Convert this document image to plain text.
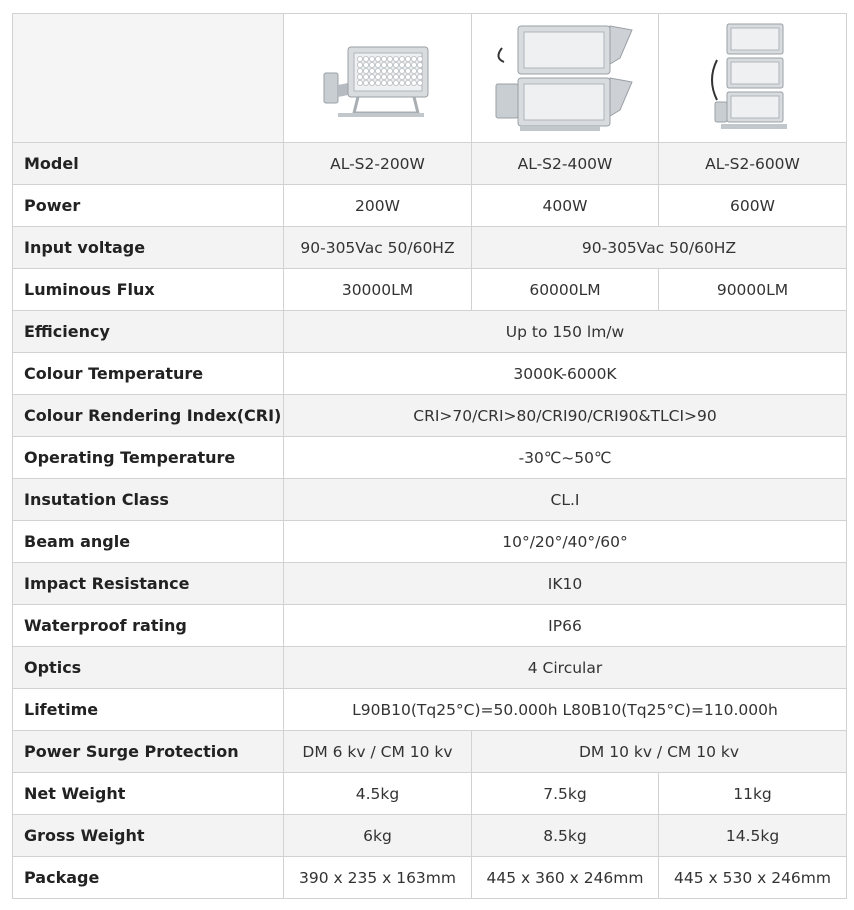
Model	AL-S2-200W	AL-S2-400W	AL-S2-600W
Power	200W	400W	600W
Input voltage	90-305Vac 50/60HZ	90-305Vac 50/60HZ	
Luminous Flux	30000LM	60000LM	90000LM
Efficiency	Up to 150 lm/w		
Colour Temperature	3000K-6000K		
Colour Rendering Index(CRI)	CRI>70/CRI>80/CRI90/CRI90&TLCI>90		
Operating Temperature	-30℃~50℃		
Insutation Class	CL.I		
Beam angle	10°/20°/40°/60°		
Impact Resistance	IK10		
Waterproof rating	IP66		
Optics	4 Circular		
Lifetime	L90B10(Tq25°C)=50.000h L80B10(Tq25°C)=110.000h		
Power Surge Protection	DM 6 kv / CM 10 kv	DM 10 kv / CM 10 kv	
Net Weight	4.5kg	7.5kg	11kg
Gross Weight	6kg	8.5kg	14.5kg
Package	390 x 235 x 163mm	445 x 360 x 246mm	445 x 530 x 246mm
